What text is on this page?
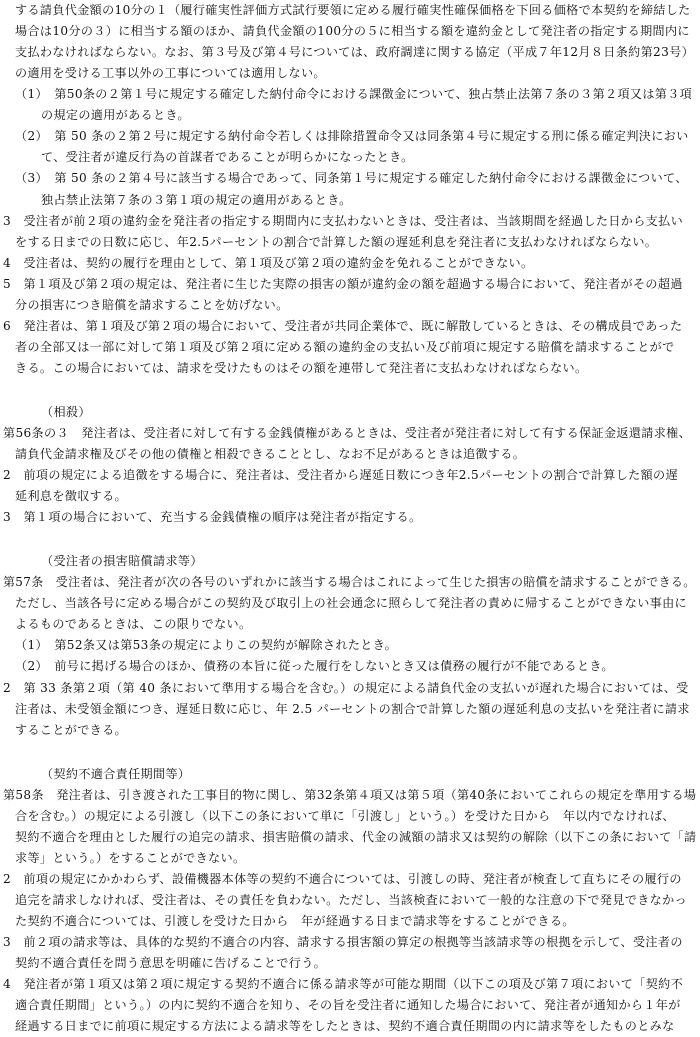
する請負代金額の10分の１（履行確実性評価方式試行要領に定める履行確実性確保価格を下回る価格で本契約を締結した
場合は10分の３）に相当する額のほか、請負代金額の100分の５に相当する額を違約金として発注者の指定する期間内に
支払わなければならない。なお、第３号及び第４号については、政府調達に関する協定（平成７年12月８日条約第23号）
の適用を受ける工事以外の工事については適用しない。
（1）　第50条の２第１号に規定する確定した納付命令における課徴金について、独占禁止法第７条の３第２項又は第３項
の規定の適用があるとき。
（2）　第 50 条の２第２号に規定する納付命令若しくは排除措置命令又は同条第４号に規定する刑に係る確定判決におい
て、受注者が違反行為の首謀者であることが明らかになったとき。
（3）　第 50 条の２第４号に該当する場合であって、同条第１号に規定する確定した納付命令における課徴金について、
独占禁止法第７条の３第１項の規定の適用があるとき。
3　受注者が前２項の違約金を発注者の指定する期間内に支払わないときは、受注者は、当該期間を経過した日から支払い
をする日までの日数に応じ、年2.5パーセントの割合で計算した額の遅延利息を発注者に支払わなければならない。
4　受注者は、契約の履行を理由として、第１項及び第２項の違約金を免れることができない。
5　第１項及び第２項の規定は、発注者に生じた実際の損害の額が違約金の額を超過する場合において、発注者がその超過
分の損害につき賠償を請求することを妨げない。
6　発注者は、第１項及び第２項の場合において、受注者が共同企業体で、既に解散しているときは、その構成員であった
者の全部又は一部に対して第１項及び第２項に定める額の違約金の支払い及び前項に規定する賠償を請求することがで
きる。この場合においては、請求を受けたものはその額を連帯して発注者に支払わなければならない。
（相殺）
第56条の３　発注者は、受注者に対して有する金銭債権があるときは、受注者が発注者に対して有する保証金返還請求権、
請負代金請求権及びその他の債権と相殺できることとし、なお不足があるときは追徴する。
2　前項の規定による追徴をする場合に、発注者は、受注者から遅延日数につき年2.5パーセントの割合で計算した額の遅
延利息を徴収する。
3　第１項の場合において、充当する金銭債権の順序は発注者が指定する。
（受注者の損害賠償請求等）
第57条　受注者は、発注者が次の各号のいずれかに該当する場合はこれによって生じた損害の賠償を請求することができる。
ただし、当該各号に定める場合がこの契約及び取引上の社会通念に照らして発注者の責めに帰することができない事由に
よるものであるときは、この限りでない。
（1）　第52条又は第53条の規定によりこの契約が解除されたとき。
（2）　前号に掲げる場合のほか、債務の本旨に従った履行をしないとき又は債務の履行が不能であるとき。
2　第 33 条第２項（第 40 条において準用する場合を含む。）の規定による請負代金の支払いが遅れた場合においては、受
注者は、未受領金額につき、遅延日数に応じ、年 2.5 パーセントの割合で計算した額の遅延利息の支払いを発注者に請求
することができる。
（契約不適合責任期間等）
第58条　発注者は、引き渡された工事目的物に関し、第32条第４項又は第５項（第40条においてこれらの規定を準用する場
合を含む。）の規定による引渡し（以下この条において単に「引渡し」という。）を受けた日から　年以内でなければ、
契約不適合を理由とした履行の追完の請求、損害賠償の請求、代金の減額の請求又は契約の解除（以下この条において「請
求等」という。）をすることができない。
2　前項の規定にかかわらず、設備機器本体等の契約不適合については、引渡しの時、発注者が検査して直ちにその履行の
追完を請求しなければ、受注者は、その責任を負わない。ただし、当該検査において一般的な注意の下で発見できなかっ
た契約不適合については、引渡しを受けた日から　年が経過する日まで請求等をすることができる。
3　前２項の請求等は、具体的な契約不適合の内容、請求する損害額の算定の根拠等当該請求等の根拠を示して、受注者の
契約不適合責任を問う意思を明確に告げることで行う。
4　発注者が第１項又は第２項に規定する契約不適合に係る請求等が可能な期間（以下この項及び第７項において「契約不
適合責任期間」という。）の内に契約不適合を知り、その旨を受注者に通知した場合において、発注者が通知から１年が
経過する日までに前項に規定する方法による請求等をしたときは、契約不適合責任期間の内に請求等をしたものとみな
